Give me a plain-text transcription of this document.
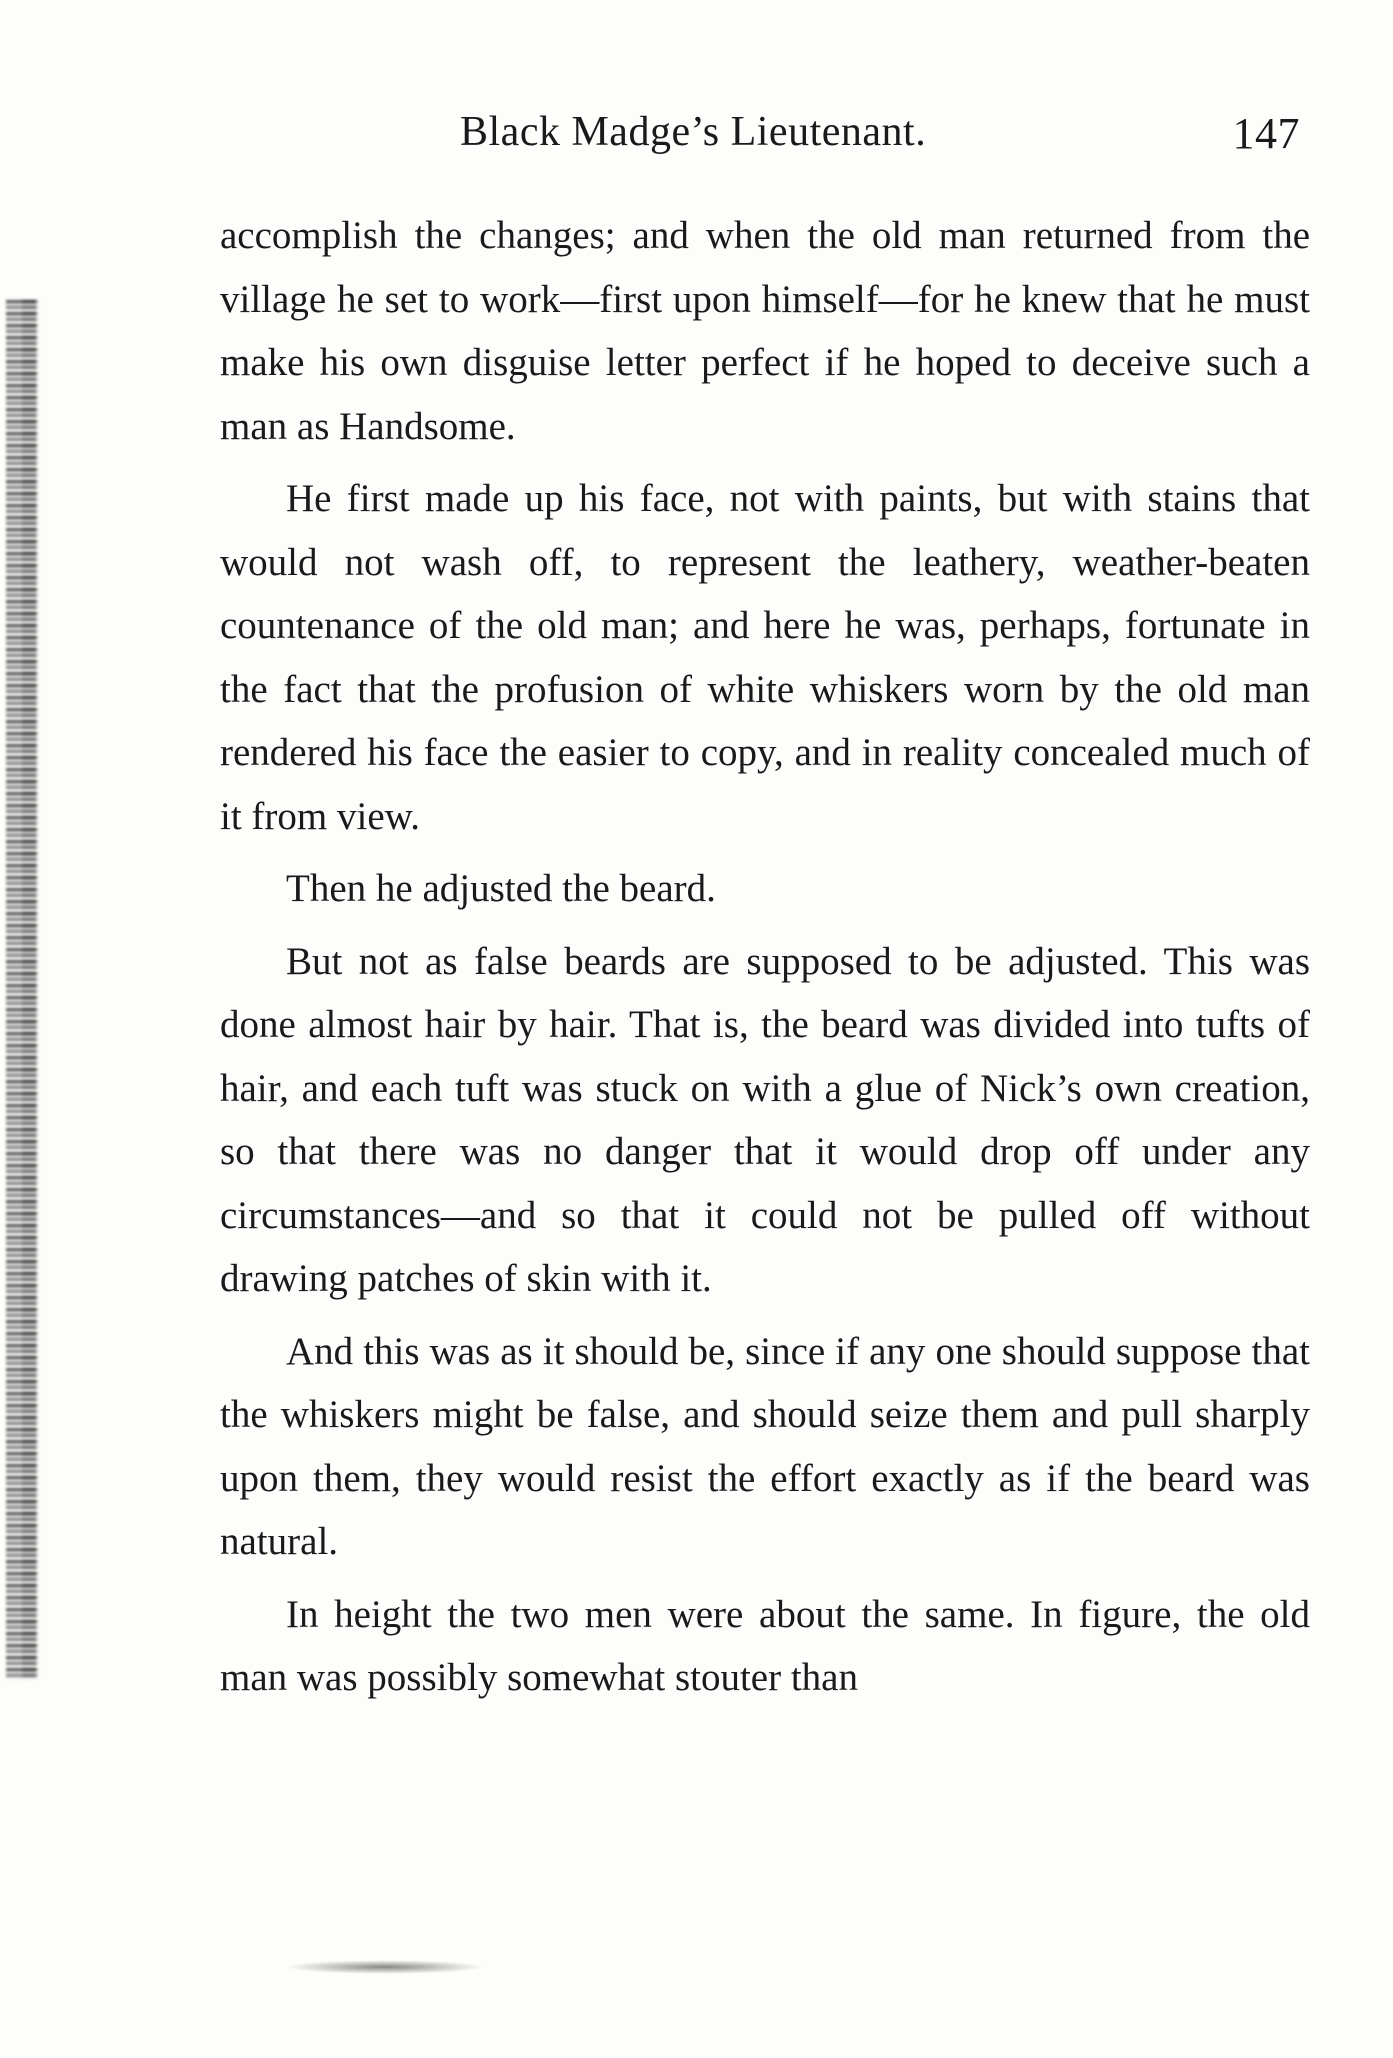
Black Madge’s Lieutenant.	147

accomplish the changes; and when the old man returned from the village he set to work—first upon himself—for he knew that he must make his own disguise letter perfect if he hoped to deceive such a man as Handsome.

He first made up his face, not with paints, but with stains that would not wash off, to represent the leathery, weather-beaten countenance of the old man; and here he was, perhaps, fortunate in the fact that the profusion of white whiskers worn by the old man rendered his face the easier to copy, and in reality concealed much of it from view.

Then he adjusted the beard.

But not as false beards are supposed to be adjusted. This was done almost hair by hair. That is, the beard was divided into tufts of hair, and each tuft was stuck on with a glue of Nick’s own creation, so that there was no danger that it would drop off under any circumstances—and so that it could not be pulled off without drawing patches of skin with it.

And this was as it should be, since if any one should suppose that the whiskers might be false, and should seize them and pull sharply upon them, they would resist the effort exactly as if the beard was natural.

In height the two men were about the same. In figure, the old man was possibly somewhat stouter than
